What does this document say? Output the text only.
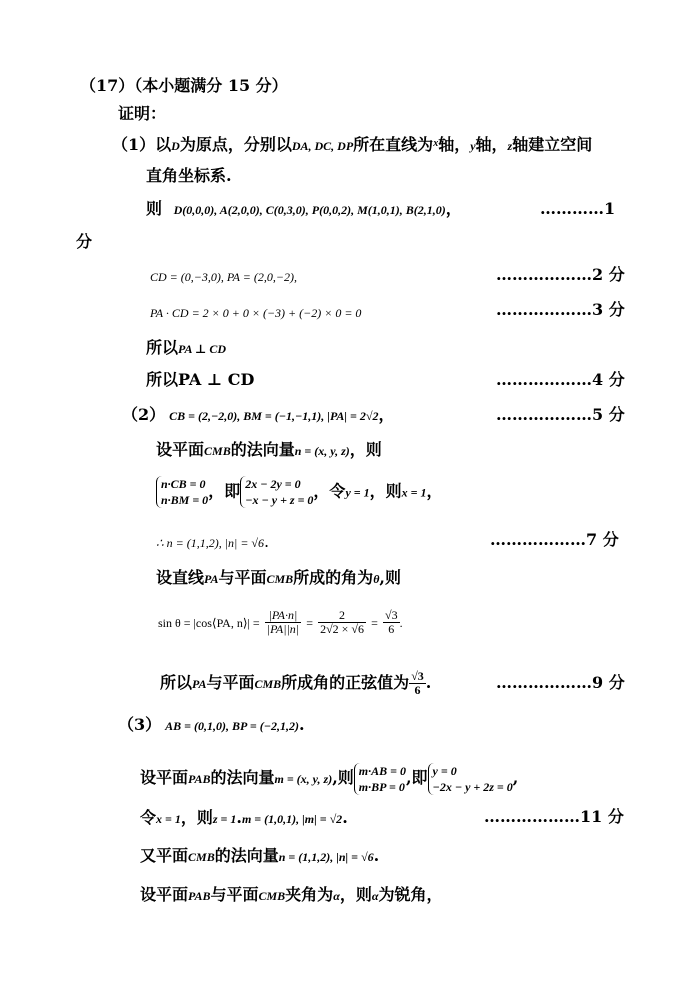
（17）（本小题满分 15 分）
证明：
（1）以D为原点，分别以DA, DC, DP所在直线为$^x$轴，y轴，z轴建立空间
直角坐标系.
则 D(0,0,0), A(2,0,0), C(0,3,0), P(0,0,2), M(1,0,1), B(2,1,0)，	…………1
分
CD = (0,−3,0), PA = (2,0,−2),	………………2 分
PA · CD = 2 × 0 + 0 × (−3) + (−2) × 0 = 0	………………3 分
所以PA ⊥ CD
所以PA ⊥ CD	………………4 分
（2） CB = (2,−2,0), BM = (−1,−1,1), |PA| = 2√2，	………………5 分
设平面CMB的法向量n = (x, y, z)，则
n·CB = 0
n·BM = 0 ，即 2x − 2y = 0
−x − y + z = 0 ，令y = 1，则x = 1，
∴ n = (1,1,2), |n| = √6.	………………7 分
设直线PA与平面CMB所成的角为θ,则
sin θ = |cos⟨PA, n⟩| = $\frac{|PA\cdot n|}{|PA||n|} = \frac{2}{2√2 \times √6} = \frac{√3}{6}$ .
所以PA与平面CMB所成角的正弦值为 $\frac{√3}{6}$ .	………………9 分
（3） AB = (0,1,0), BP = (−2,1,2).
设平面PAB的法向量m = (x, y, z),则 m·AB = 0
m·BP = 0 ,即 y = 0
−2x − y + 2z = 0 ,
令x = 1，则z = 1.m = (1,0,1), |m| = √2.	………………11 分
又平面CMB的法向量n = (1,1,2), |n| = √6.
设平面PAB与平面CMB夹角为α，则α为锐角，
